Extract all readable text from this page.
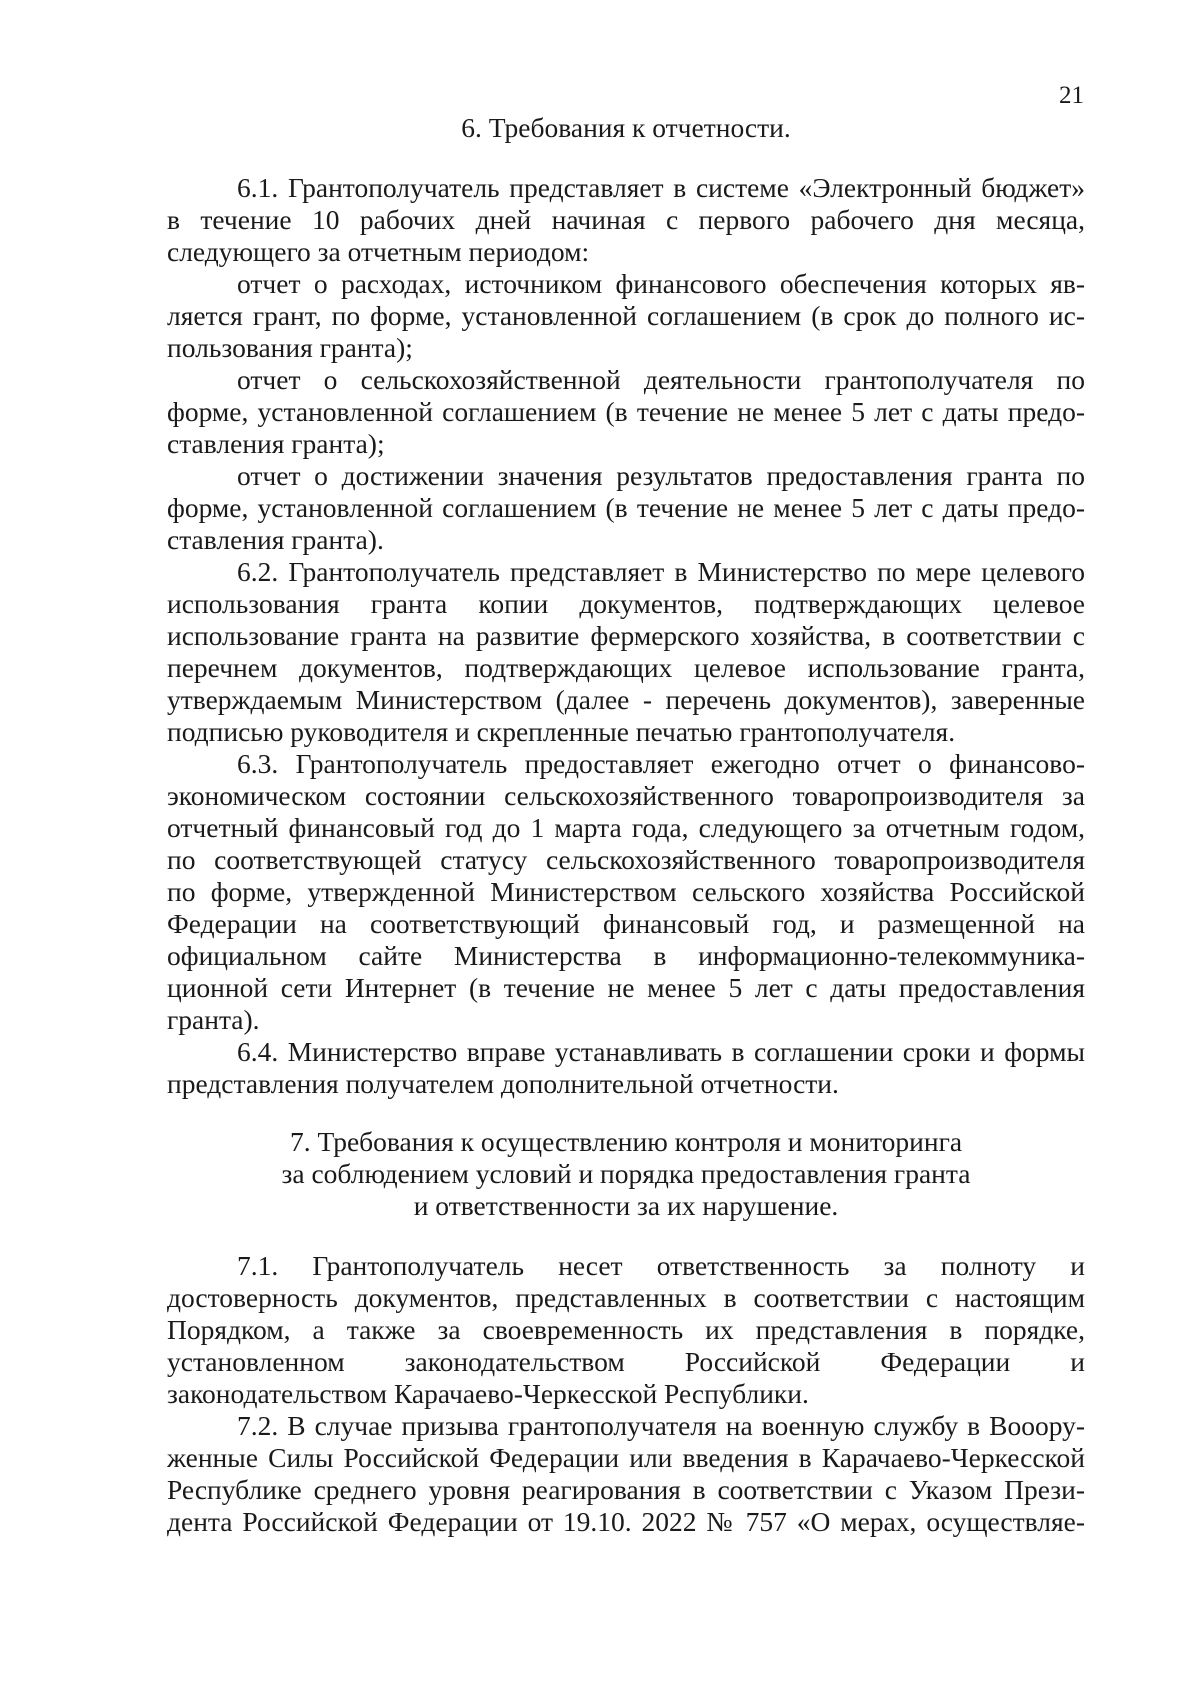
21
6. Требования к отчетности.
6.1. Грантополучатель представляет в системе «Электронный бюджет»
в течение 10 рабочих дней начиная с первого рабочего дня месяца,
следующего за отчетным периодом:
отчет о расходах, источником финансового обеспечения которых яв-
ляется грант, по форме, установленной соглашением (в срок до полного ис-
пользования гранта);
отчет о сельскохозяйственной деятельности грантополучателя по
форме, установленной соглашением (в течение не менее 5 лет с даты предо-
ставления гранта);
отчет о достижении значения результатов предоставления гранта по
форме, установленной соглашением (в течение не менее 5 лет с даты предо-
ставления гранта).
6.2. Грантополучатель представляет в Министерство по мере целевого
использования гранта копии документов, подтверждающих целевое
использование гранта на развитие фермерского хозяйства, в соответствии с
перечнем документов, подтверждающих целевое использование гранта,
утверждаемым Министерством (далее - перечень документов), заверенные
подписью руководителя и скрепленные печатью грантополучателя.
6.3. Грантополучатель предоставляет ежегодно отчет о финансово-
экономическом состоянии сельскохозяйственного товаропроизводителя за
отчетный финансовый год до 1 марта года, следующего за отчетным годом,
по соответствующей статусу сельскохозяйственного товаропроизводителя
по форме, утвержденной Министерством сельского хозяйства Российской
Федерации на соответствующий финансовый год, и размещенной на
официальном сайте Министерства в информационно-телекоммуника-
ционной сети Интернет (в течение не менее 5 лет с даты предоставления
гранта).
6.4. Министерство вправе устанавливать в соглашении сроки и формы
представления получателем дополнительной отчетности.
7. Требования к осуществлению контроля и мониторинга
за соблюдением условий и порядка предоставления гранта
и ответственности за их нарушение.
7.1. Грантополучатель несет ответственность за полноту и
достоверность документов, представленных в соответствии с настоящим
Порядком, а также за своевременность их представления в порядке,
установленном законодательством Российской Федерации и
законодательством Карачаево-Черкесской Республики.
7.2. В случае призыва грантополучателя на военную службу в Вооору-
женные Силы Российской Федерации или введения в Карачаево-Черкесской
Республике среднего уровня реагирования в соответствии с Указом Прези-
дента Российской Федерации от 19.10. 2022 № 757 «О мерах, осуществляе-
